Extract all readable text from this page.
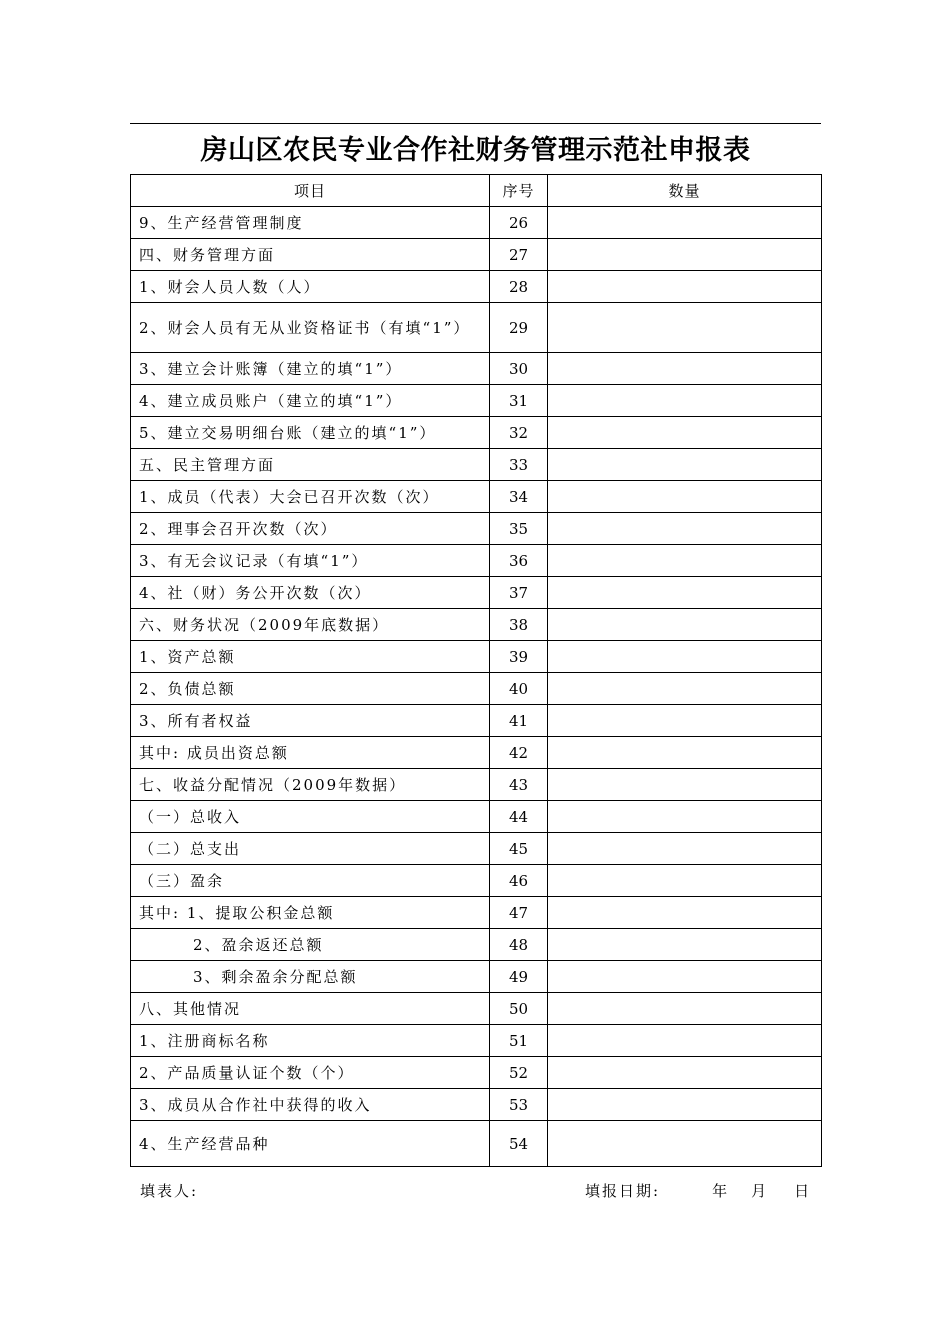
房山区农民专业合作社财务管理示范社申报表
项目	序号	数量
9、生产经营管理制度	26	
四、财务管理方面	27	
1、财会人员人数（人）	28	
2、财会人员有无从业资格证书（有填“1”）	29	
3、建立会计账簿（建立的填“1”）	30	
4、建立成员账户（建立的填“1”）	31	
5、建立交易明细台账（建立的填“1”）	32	
五、民主管理方面	33	
1、成员（代表）大会已召开次数（次）	34	
2、理事会召开次数（次）	35	
3、有无会议记录（有填“1”）	36	
4、社（财）务公开次数（次）	37	
六、财务状况（2009年底数据）	38	
1、资产总额	39	
2、负债总额	40	
3、所有者权益	41	
其中: 成员出资总额	42	
七、收益分配情况（2009年数据）	43	
（一）总收入	44	
（二）总支出	45	
（三）盈余	46	
其中: 1、提取公积金总额	47	
2、盈余返还总额	48	
3、剩余盈余分配总额	49	
八、其他情况	50	
1、注册商标名称	51	
2、产品质量认证个数（个）	52	
3、成员从合作社中获得的收入	53	
4、生产经营品种	54	
填表人:	填报日期:	年 月 日
